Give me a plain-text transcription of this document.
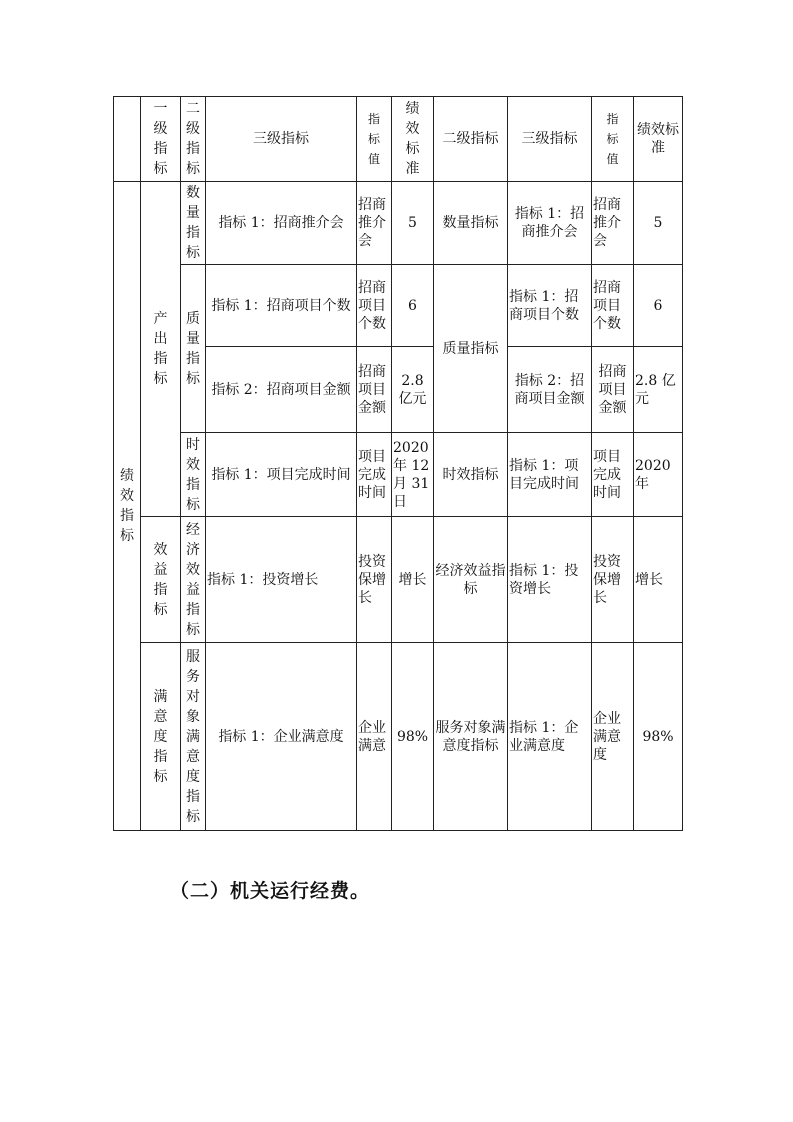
	一级指标	二级指标	三级指标	指标值	绩效标准	二级指标	三级指标	指标值	绩效标准

绩效指标	产出指标	数量指标	指标 1：招商推介会	招商推介会	5	数量指标	指标 1：招商推介会	招商推介会	5

		质量指标	指标 1：招商项目个数	招商项目个数	6	质量指标	指标 1：招商项目个数	招商项目个数	6
			指标 2：招商项目金额	招商项目金额	2.8 亿元		指标 2：招商项目金额	招商项目金额	2.8 亿元

		时效指标	指标 1：项目完成时间	项目完成时间	2020 年 12 月 31 日	时效指标	指标 1：项目完成时间	项目完成时间	2020 年

	效益指标	经济效益指标	指标 1：投资增长	投资保增长	增长	经济效益指标	指标 1：投资增长	投资保增长	增长

	满意度指标	服务对象满意度指标	指标 1：企业满意度	企业满意	98%	服务对象满意度指标	指标 1：企业满意度	企业满意度	98%
（二）机关运行经费。
